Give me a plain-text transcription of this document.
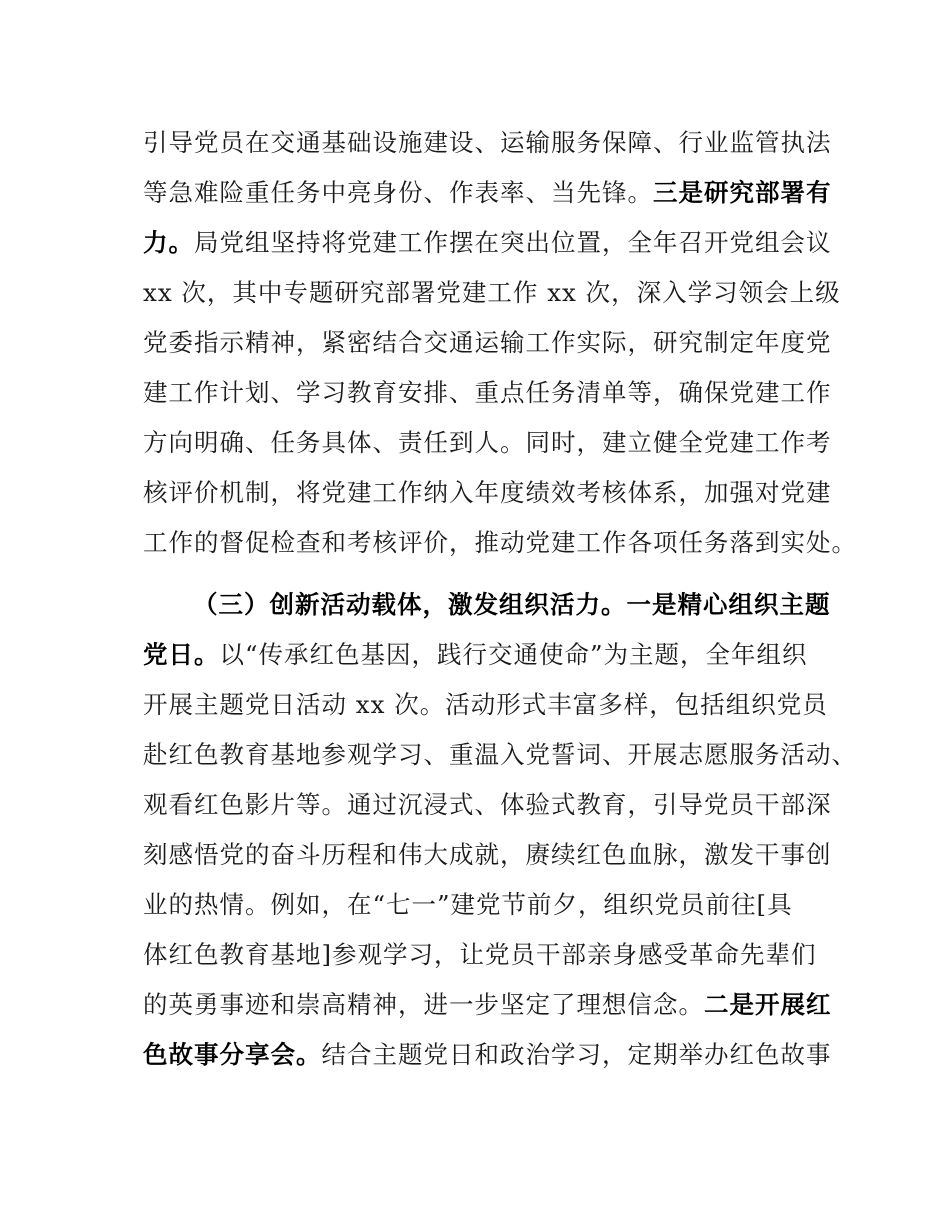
引导党员在交通基础设施建设、运输服务保障、行业监管执法
等急难险重任务中亮身份、作表率、当先锋。三是研究部署有
力。局党组坚持将党建工作摆在突出位置，全年召开党组会议
xx 次，其中专题研究部署党建工作 xx 次，深入学习领会上级
党委指示精神，紧密结合交通运输工作实际，研究制定年度党
建工作计划、学习教育安排、重点任务清单等，确保党建工作
方向明确、任务具体、责任到人。同时，建立健全党建工作考
核评价机制，将党建工作纳入年度绩效考核体系，加强对党建
工作的督促检查和考核评价，推动党建工作各项任务落到实处。
（三）创新活动载体，激发组织活力。一是精心组织主题
党日。以“传承红色基因，践行交通使命”为主题，全年组织
开展主题党日活动 xx 次。活动形式丰富多样，包括组织党员
赴红色教育基地参观学习、重温入党誓词、开展志愿服务活动、
观看红色影片等。通过沉浸式、体验式教育，引导党员干部深
刻感悟党的奋斗历程和伟大成就，赓续红色血脉，激发干事创
业的热情。例如，在“七一”建党节前夕，组织党员前往[具
体红色教育基地]参观学习，让党员干部亲身感受革命先辈们
的英勇事迹和崇高精神，进一步坚定了理想信念。二是开展红
色故事分享会。结合主题党日和政治学习，定期举办红色故事
